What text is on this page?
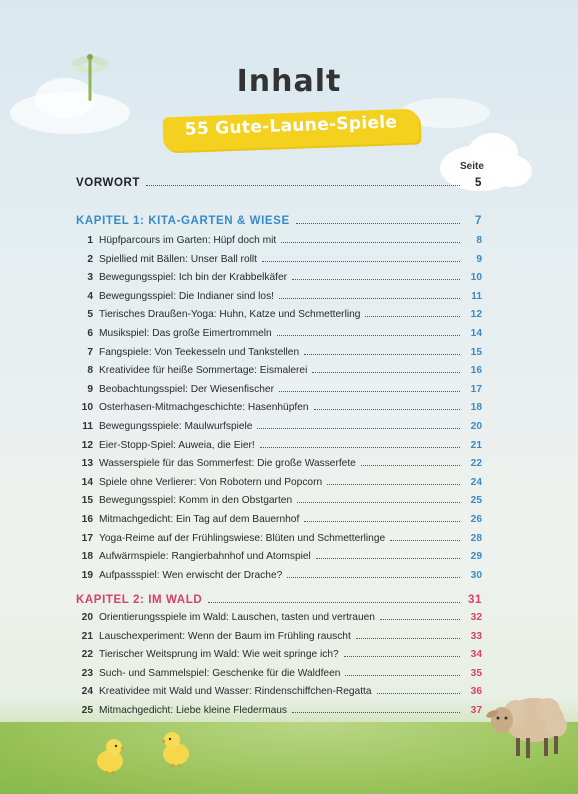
Inhalt
55 Gute-Laune-Spiele
Seite
VORWORT	5
KAPITEL 1: KITA-GARTEN & WIESE	7
1 Hüpfparcours im Garten: Hüpf doch mit	8
2 Spiellied mit Bällen: Unser Ball rollt	9
3 Bewegungsspiel: Ich bin der Krabbelkäfer	10
4 Bewegungsspiel: Die Indianer sind los!	11
5 Tierisches Draußen-Yoga: Huhn, Katze und Schmetterling	12
6 Musikspiel: Das große Eimertrommeln	14
7 Fangspiele: Von Teekesseln und Tankstellen	15
8 Kreatividee für heiße Sommertage: Eismalerei	16
9 Beobachtungsspiel: Der Wiesenfischer	17
10 Osterhasen-Mitmachgeschichte: Hasenhüpfen	18
11 Bewegungsspiele: Maulwurfspiele	20
12 Eier-Stopp-Spiel: Auweia, die Eier!	21
13 Wasserspiele für das Sommerfest: Die große Wasserfete	22
14 Spiele ohne Verlierer: Von Robotern und Popcorn	24
15 Bewegungsspiel: Komm in den Obstgarten	25
16 Mitmachgedicht: Ein Tag auf dem Bauernhof	26
17 Yoga-Reime auf der Frühlingswiese: Blüten und Schmetterlinge	28
18 Aufwärmspiele: Rangierbahnhof und Atomspiel	29
19 Aufpassspiel: Wen erwischt der Drache?	30
KAPITEL 2: IM WALD	31
20 Orientierungsspiele im Wald: Lauschen, tasten und vertrauen	32
21 Lauschexperiment: Wenn der Baum im Frühling rauscht	33
22 Tierischer Weitsprung im Wald: Wie weit springe ich?	34
23 Such- und Sammelspiel: Geschenke für die Waldfeen	35
24 Kreatividee mit Wald und Wasser: Rindenschiffchen-Regatta	36
25 Mitmachgedicht: Liebe kleine Fledermaus	37
